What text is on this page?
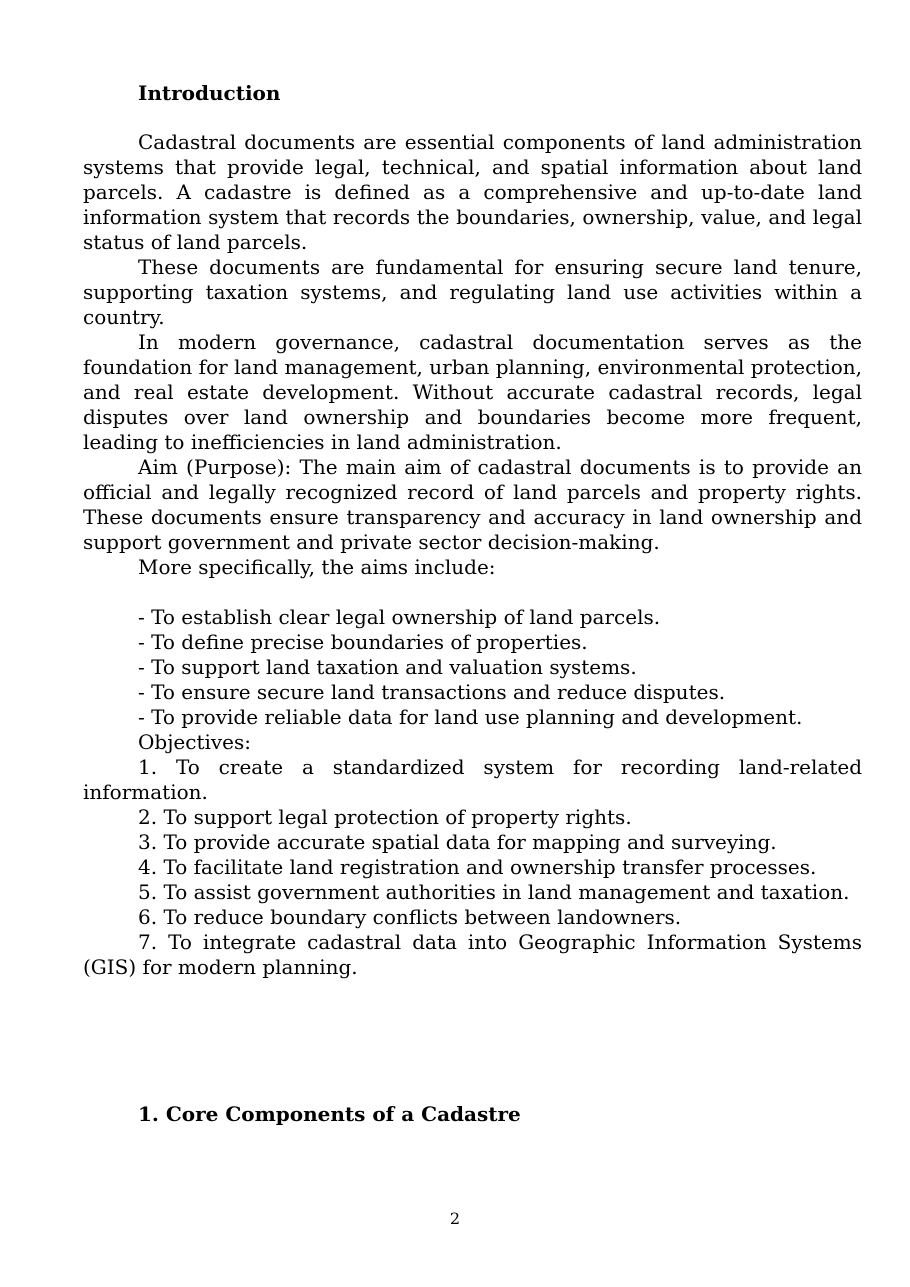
Introduction

Cadastral documents are essential components of land administration systems that provide legal, technical, and spatial information about land parcels. A cadastre is defined as a comprehensive and up-to-date land information system that records the boundaries, ownership, value, and legal status of land parcels.

These documents are fundamental for ensuring secure land tenure, supporting taxation systems, and regulating land use activities within a country.

In modern governance, cadastral documentation serves as the foundation for land management, urban planning, environmental protection, and real estate development. Without accurate cadastral records, legal disputes over land ownership and boundaries become more frequent, leading to inefficiencies in land administration.

Aim (Purpose): The main aim of cadastral documents is to provide an official and legally recognized record of land parcels and property rights. These documents ensure transparency and accuracy in land ownership and support government and private sector decision-making.

More specifically, the aims include:

- To establish clear legal ownership of land parcels.

- To define precise boundaries of properties.

- To support land taxation and valuation systems.

- To ensure secure land transactions and reduce disputes.

- To provide reliable data for land use planning and development.

Objectives:

1. To create a standardized system for recording land-related information.

2. To support legal protection of property rights.

3. To provide accurate spatial data for mapping and surveying.

4. To facilitate land registration and ownership transfer processes.

5. To assist government authorities in land management and taxation.

6. To reduce boundary conflicts between landowners.

7. To integrate cadastral data into Geographic Information Systems (GIS) for modern planning.

1. Core Components of a Cadastre
2
